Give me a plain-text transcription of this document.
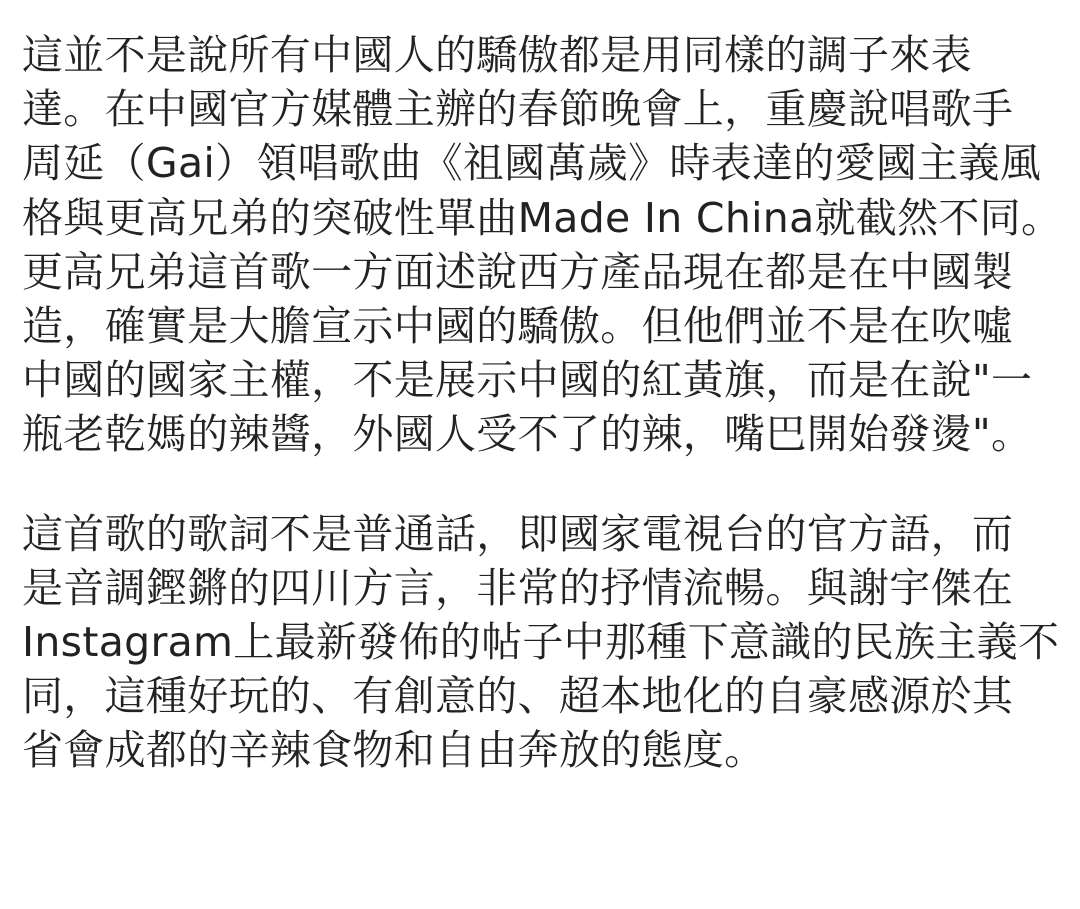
這並不是說所有中國人的驕傲都是用同樣的調子來表
達。在中國官方媒體主辦的春節晚會上，重慶說唱歌手
周延（Gai）領唱歌曲《祖國萬歲》時表達的愛國主義風
格與更高兄弟的突破性單曲Made In China就截然不同。
更高兄弟這首歌一方面述說西方產品現在都是在中國製
造，確實是大膽宣示中國的驕傲。但他們並不是在吹噓
中國的國家主權，不是展示中國的紅黃旗，而是在說"一
瓶老乾媽的辣醬，外國人受不了的辣，嘴巴開始發燙"。
這首歌的歌詞不是普通話，即國家電視台的官方語，而
是音調鏗鏘的四川方言，非常的抒情流暢。與謝宇傑在
Instagram上最新發佈的帖子中那種下意識的民族主義不
同，這種好玩的、有創意的、超本地化的自豪感源於其
省會成都的辛辣食物和自由奔放的態度。
